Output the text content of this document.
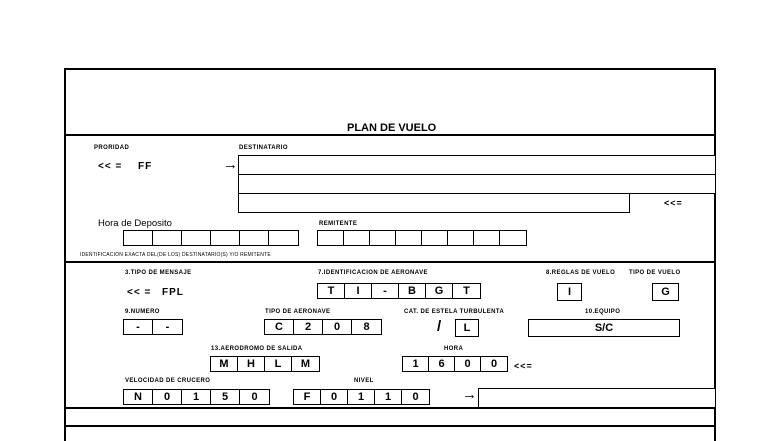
PLAN DE VUELO
PRORIDAD
<< = FF	→
DESTINATARIO
<<=
Hora de Deposito	REMITENTE
IDENTIFICACION EXACTA DEL(DE LOS) DESTINATARIO(S) Y/O REMITENTE
3.TIPO DE MENSAJE
<< = FPL
7.IDENTIFICACION DE AERONAVE
T	I	-	B	G	T
8.REGLAS DE VUELO
I
TIPO DE VUELO
G
9.NUMERO
-	-
TIPO DE AERONAVE
C	2	0	8
CAT. DE ESTELA TURBULENTA
/	L
10.EQUIPO
S/C
13.AERODROMO DE SALIDA
M	H	L	M
HORA
1	6	0	0	<<=
VELOCIDAD DE CRUCERO
N	0	1	5	0
NIVEL
F	0	1	1	0	→
